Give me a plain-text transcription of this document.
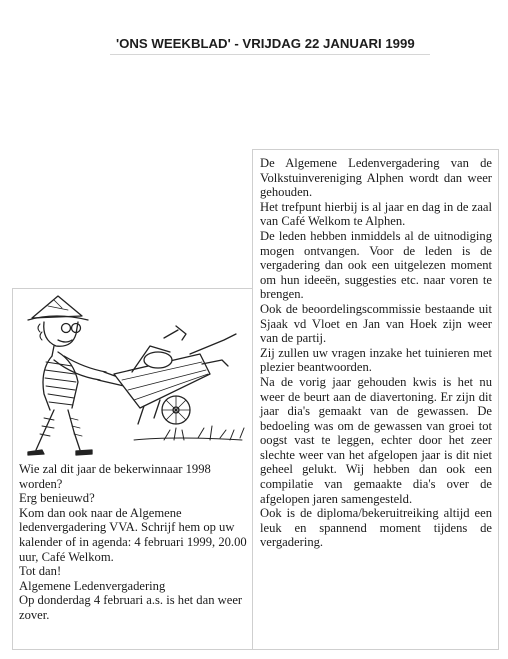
'ONS WEEKBLAD' - VRIJDAG 22 JANUARI 1999

Wie zal dit jaar de bekerwinnaar 1998 worden?

Erg benieuwd?

Kom dan ook naar de Algemene ledenvergadering VVA. Schrijf hem op uw kalender of in agenda: 4 februari 1999, 20.00 uur, Café Welkom.

Tot dan!

Algemene Ledenvergadering

Op donderdag 4 februari a.s. is het dan weer zover.

De Algemene Ledenvergadering van de Volkstuinvereniging Alphen wordt dan weer gehouden.

Het trefpunt hierbij is al jaar en dag in de zaal van Café Welkom te Alphen.

De leden hebben inmiddels al de uitnodiging mogen ontvangen. Voor de leden is de vergadering dan ook een uitgelezen moment om hun ideeën, suggesties etc. naar voren te brengen.

Ook de beoordelingscommissie bestaande uit Sjaak vd Vloet en Jan van Hoek zijn weer van de partij.

Zij zullen uw vragen inzake het tuinieren met plezier beantwoorden.

Na de vorig jaar gehouden kwis is het nu weer de beurt aan de diavertoning. Er zijn dit jaar dia's gemaakt van de gewassen. De bedoeling was om de gewassen van groei tot oogst vast te leggen, echter door het zeer slechte weer van het afgelopen jaar is dit niet geheel gelukt. Wij hebben dan ook een compilatie van gemaakte dia's over de afgelopen jaren samengesteld.

Ook is de diploma/bekeruitreiking altijd een leuk en spannend moment tijdens de vergadering.
